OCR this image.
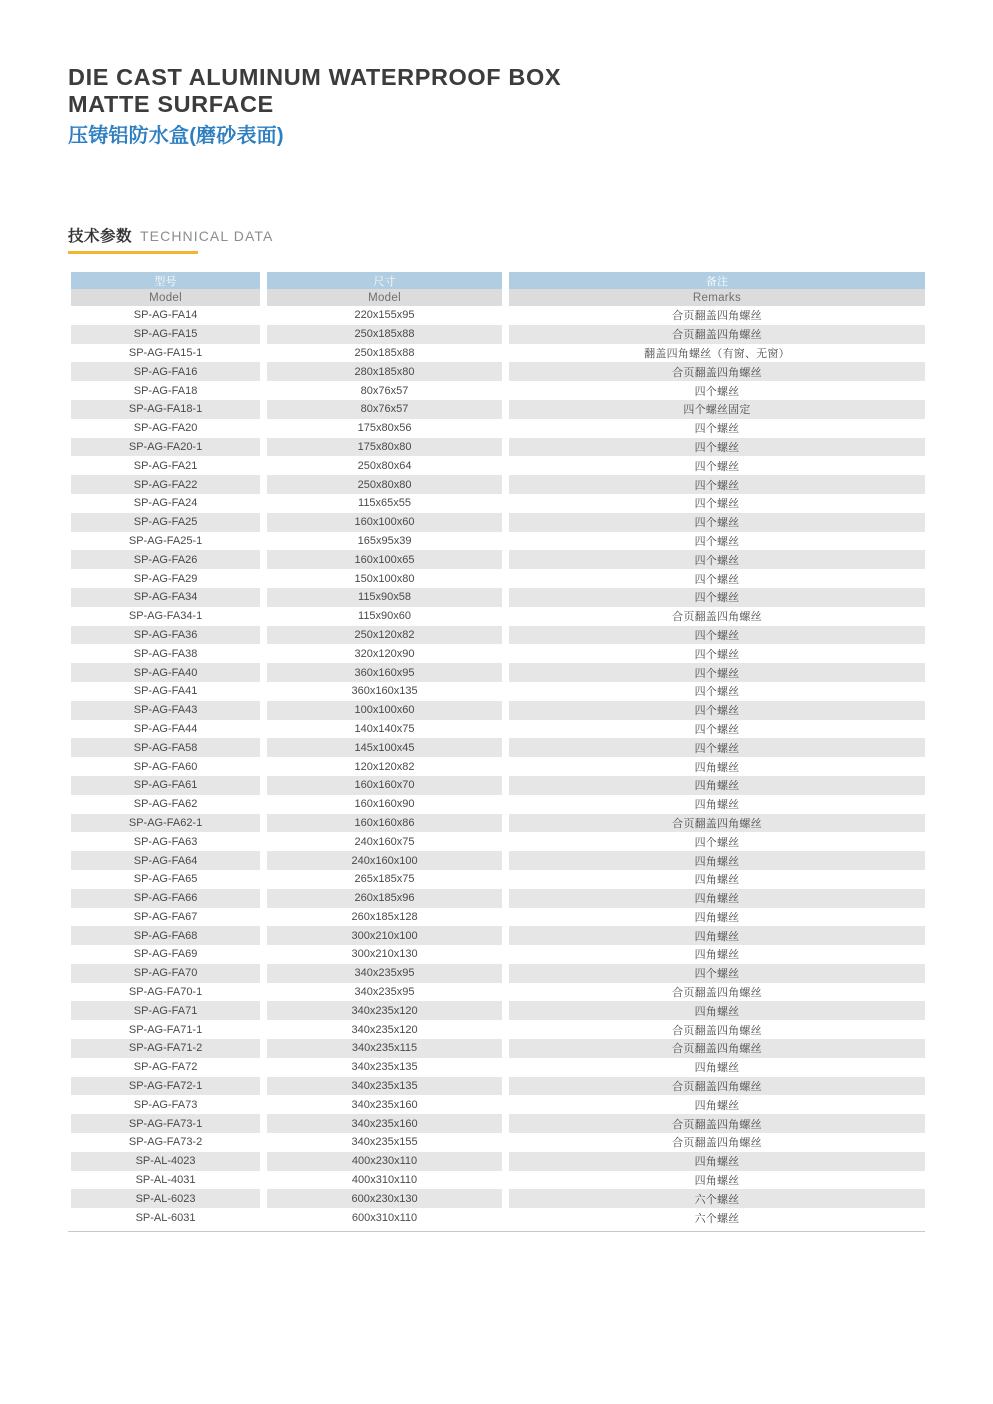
DIE CAST ALUMINUM WATERPROOF BOX
MATTE SURFACE
压铸铝防水盒(磨砂表面)
技术参数 TECHNICAL DATA
型号	尺寸	备注
Model	Model	Remarks
SP-AG-FA14	220x155x95	合页翻盖四角螺丝
SP-AG-FA15	250x185x88	合页翻盖四角螺丝
SP-AG-FA15-1	250x185x88	翻盖四角螺丝（有窗、无窗）
SP-AG-FA16	280x185x80	合页翻盖四角螺丝
SP-AG-FA18	80x76x57	四个螺丝
SP-AG-FA18-1	80x76x57	四个螺丝固定
SP-AG-FA20	175x80x56	四个螺丝
SP-AG-FA20-1	175x80x80	四个螺丝
SP-AG-FA21	250x80x64	四个螺丝
SP-AG-FA22	250x80x80	四个螺丝
SP-AG-FA24	115x65x55	四个螺丝
SP-AG-FA25	160x100x60	四个螺丝
SP-AG-FA25-1	165x95x39	四个螺丝
SP-AG-FA26	160x100x65	四个螺丝
SP-AG-FA29	150x100x80	四个螺丝
SP-AG-FA34	115x90x58	四个螺丝
SP-AG-FA34-1	115x90x60	合页翻盖四角螺丝
SP-AG-FA36	250x120x82	四个螺丝
SP-AG-FA38	320x120x90	四个螺丝
SP-AG-FA40	360x160x95	四个螺丝
SP-AG-FA41	360x160x135	四个螺丝
SP-AG-FA43	100x100x60	四个螺丝
SP-AG-FA44	140x140x75	四个螺丝
SP-AG-FA58	145x100x45	四个螺丝
SP-AG-FA60	120x120x82	四角螺丝
SP-AG-FA61	160x160x70	四角螺丝
SP-AG-FA62	160x160x90	四角螺丝
SP-AG-FA62-1	160x160x86	合页翻盖四角螺丝
SP-AG-FA63	240x160x75	四个螺丝
SP-AG-FA64	240x160x100	四角螺丝
SP-AG-FA65	265x185x75	四角螺丝
SP-AG-FA66	260x185x96	四角螺丝
SP-AG-FA67	260x185x128	四角螺丝
SP-AG-FA68	300x210x100	四角螺丝
SP-AG-FA69	300x210x130	四角螺丝
SP-AG-FA70	340x235x95	四个螺丝
SP-AG-FA70-1	340x235x95	合页翻盖四角螺丝
SP-AG-FA71	340x235x120	四角螺丝
SP-AG-FA71-1	340x235x120	合页翻盖四角螺丝
SP-AG-FA71-2	340x235x115	合页翻盖四角螺丝
SP-AG-FA72	340x235x135	四角螺丝
SP-AG-FA72-1	340x235x135	合页翻盖四角螺丝
SP-AG-FA73	340x235x160	四角螺丝
SP-AG-FA73-1	340x235x160	合页翻盖四角螺丝
SP-AG-FA73-2	340x235x155	合页翻盖四角螺丝
SP-AL-4023	400x230x110	四角螺丝
SP-AL-4031	400x310x110	四角螺丝
SP-AL-6023	600x230x130	六个螺丝
SP-AL-6031	600x310x110	六个螺丝
